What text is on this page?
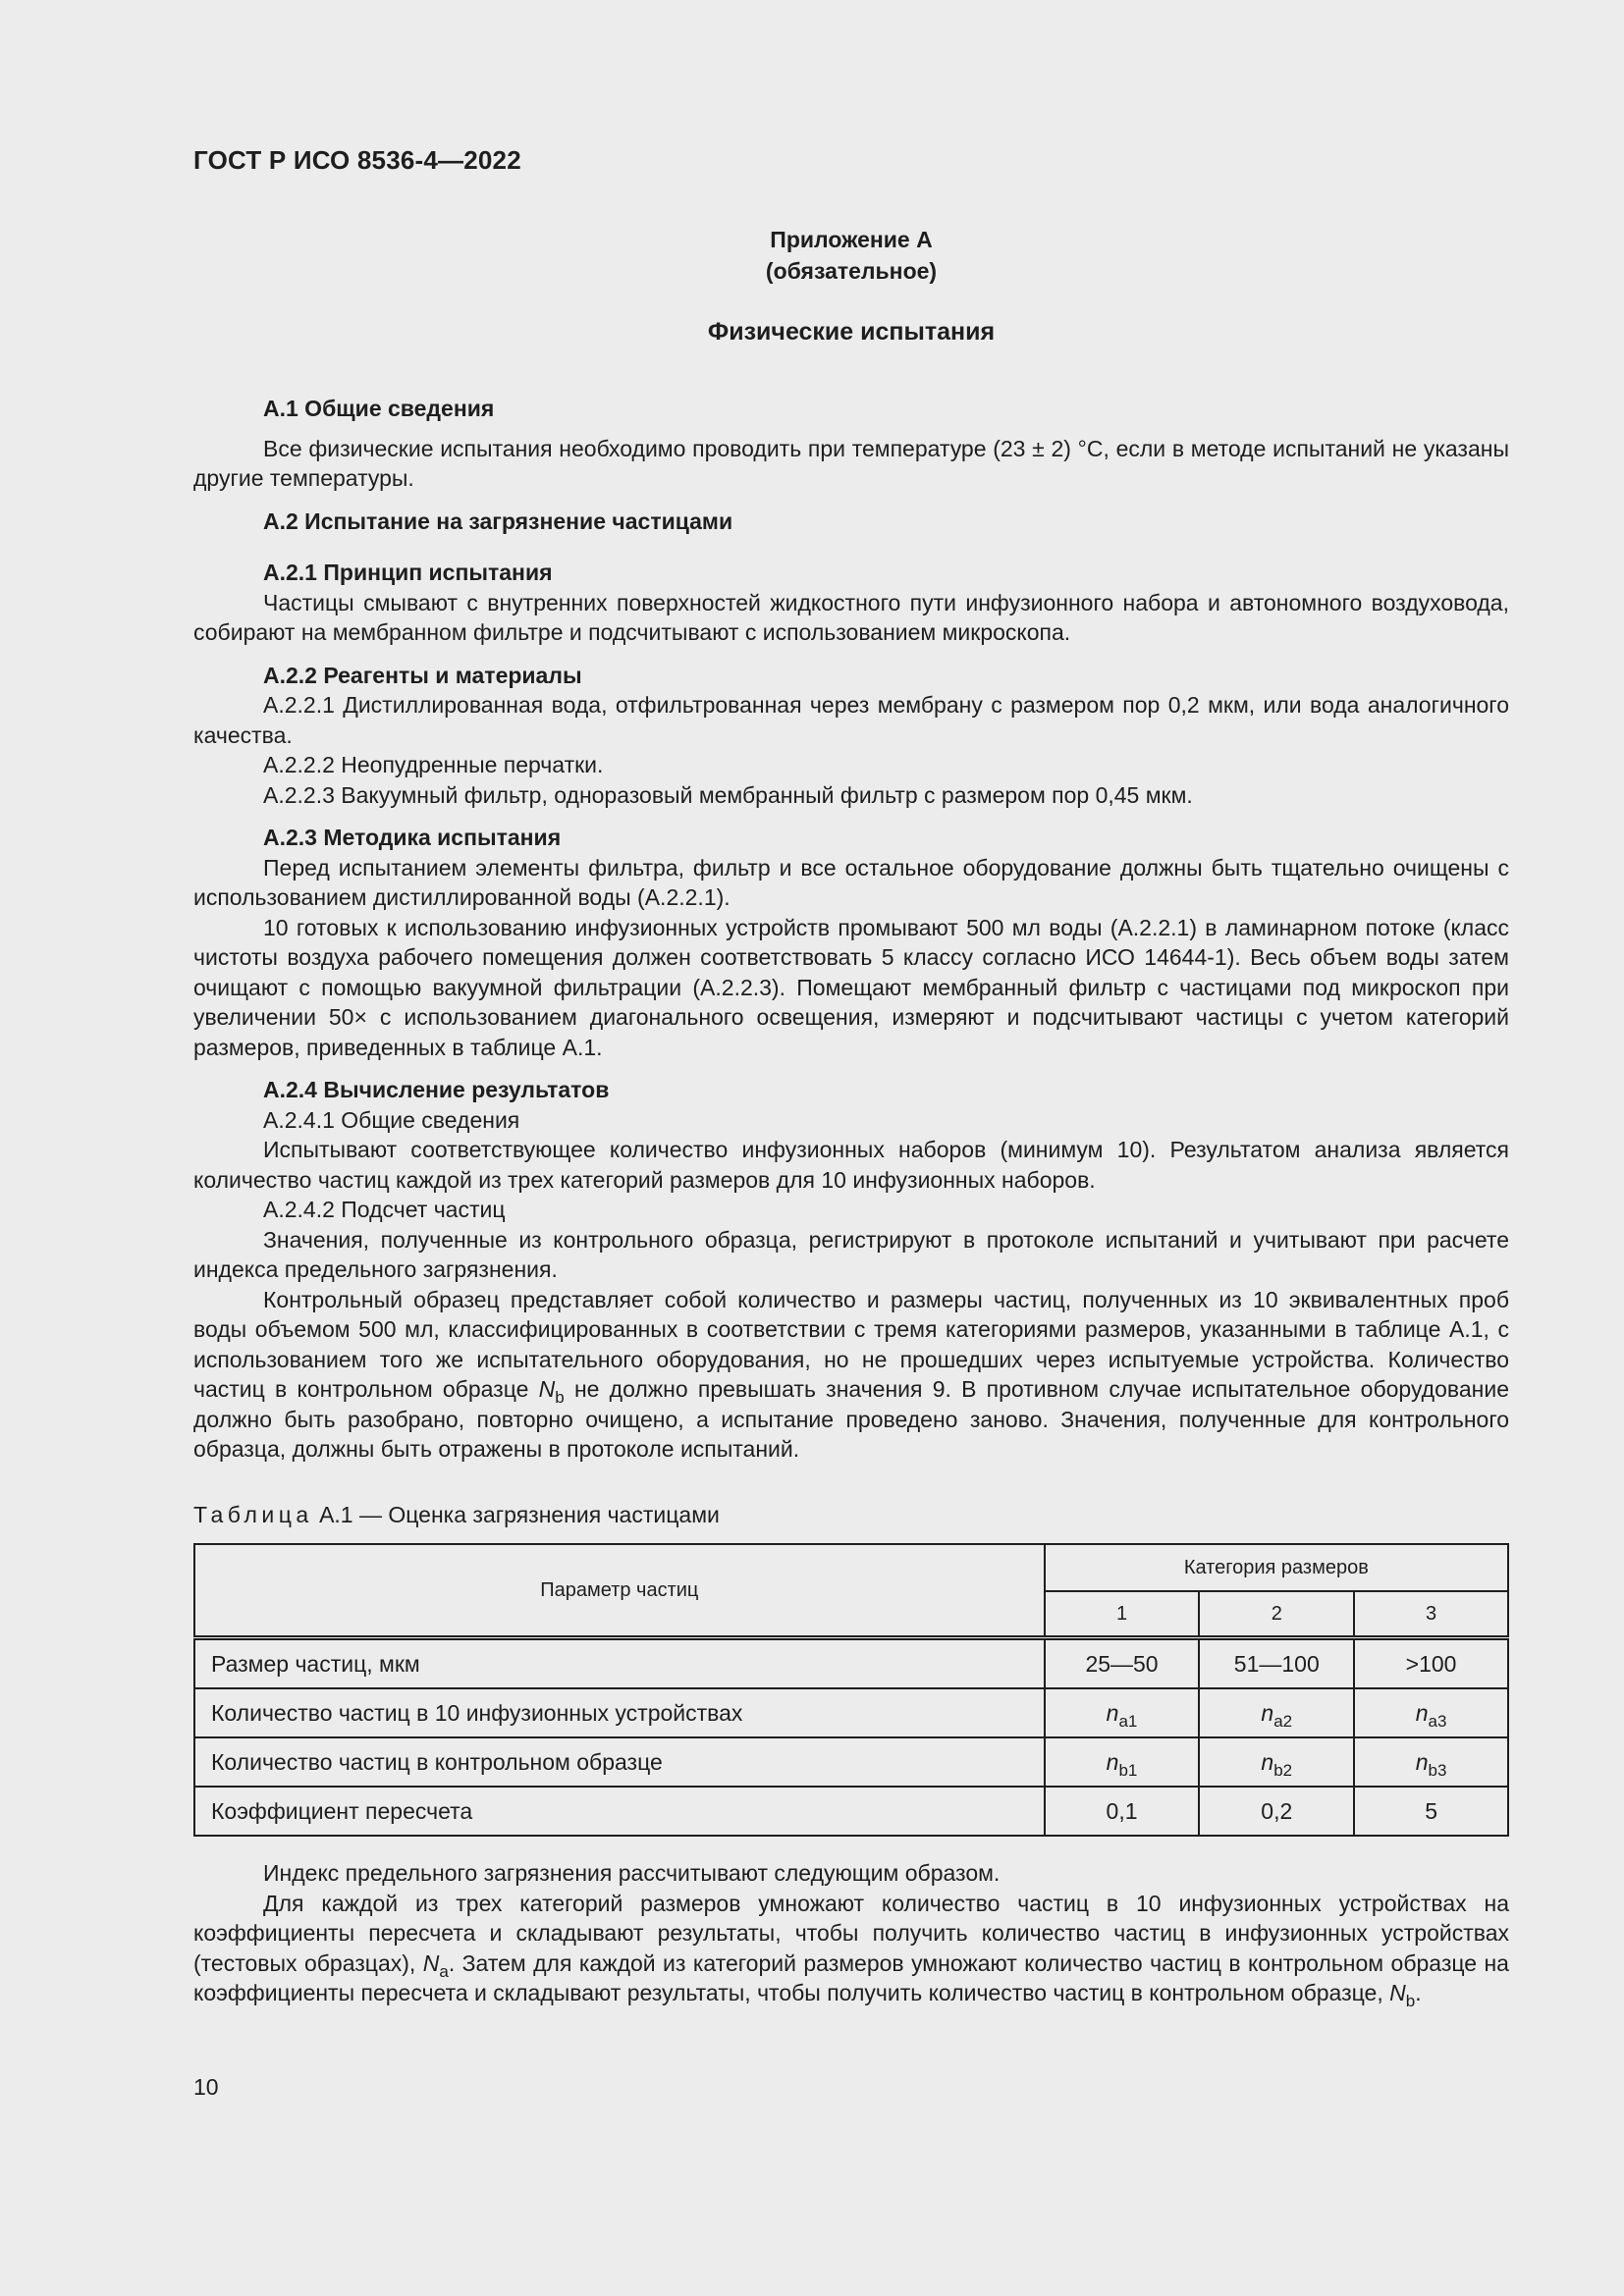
ГОСТ Р ИСО 8536-4—2022
Приложение А
(обязательное)
Физические испытания

А.1 Общие сведения

Все физические испытания необходимо проводить при температуре (23 ± 2) °С, если в методе испытаний не указаны другие температуры.

А.2 Испытание на загрязнение частицами

А.2.1 Принцип испытания

Частицы смывают с внутренних поверхностей жидкостного пути инфузионного набора и автономного воздуховода, собирают на мембранном фильтре и подсчитывают с использованием микроскопа.

А.2.2 Реагенты и материалы

А.2.2.1 Дистиллированная вода, отфильтрованная через мембрану с размером пор 0,2 мкм, или вода аналогичного качества.

А.2.2.2 Неопудренные перчатки.

А.2.2.3 Вакуумный фильтр, одноразовый мембранный фильтр с размером пор 0,45 мкм.

А.2.3 Методика испытания

Перед испытанием элементы фильтра, фильтр и все остальное оборудование должны быть тщательно очищены с использованием дистиллированной воды (А.2.2.1).

10 готовых к использованию инфузионных устройств промывают 500 мл воды (А.2.2.1) в ламинарном потоке (класс чистоты воздуха рабочего помещения должен соответствовать 5 классу согласно ИСО 14644-1). Весь объем воды затем очищают с помощью вакуумной фильтрации (А.2.2.3). Помещают мембранный фильтр с частицами под микроскоп при увеличении 50× с использованием диагонального освещения, измеряют и подсчитывают частицы с учетом категорий размеров, приведенных в таблице А.1.

А.2.4 Вычисление результатов

А.2.4.1 Общие сведения

Испытывают соответствующее количество инфузионных наборов (минимум 10). Результатом анализа является количество частиц каждой из трех категорий размеров для 10 инфузионных наборов.

А.2.4.2 Подсчет частиц

Значения, полученные из контрольного образца, регистрируют в протоколе испытаний и учитывают при расчете индекса предельного загрязнения.

Контрольный образец представляет собой количество и размеры частиц, полученных из 10 эквивалентных проб воды объемом 500 мл, классифицированных в соответствии с тремя категориями размеров, указанными в таблице А.1, с использованием того же испытательного оборудования, но не прошедших через испытуемые устройства. Количество частиц в контрольном образце $N_b$ не должно превышать значения 9. В противном случае испытательное оборудование должно быть разобрано, повторно очищено, а испытание проведено заново. Значения, полученные для контрольного образца, должны быть отражены в протоколе испытаний.

Таблица А.1 — Оценка загрязнения частицами
Параметр частиц	Категория размеров		
	1	2	3
Размер частиц, мкм	25—50	51—100	>100
Количество частиц в 10 инфузионных устройствах	$n_{a1}$	$n_{a2}$	$n_{a3}$
Количество частиц в контрольном образце	$n_{b1}$	$n_{b2}$	$n_{b3}$
Коэффициент пересчета	0,1	0,2	5

Индекс предельного загрязнения рассчитывают следующим образом.

Для каждой из трех категорий размеров умножают количество частиц в 10 инфузионных устройствах на коэффициенты пересчета и складывают результаты, чтобы получить количество частиц в инфузионных устройствах (тестовых образцах), $N_a$. Затем для каждой из категорий размеров умножают количество частиц в контрольном образце на коэффициенты пересчета и складывают результаты, чтобы получить количество частиц в контрольном образце, $N_b$.

10
